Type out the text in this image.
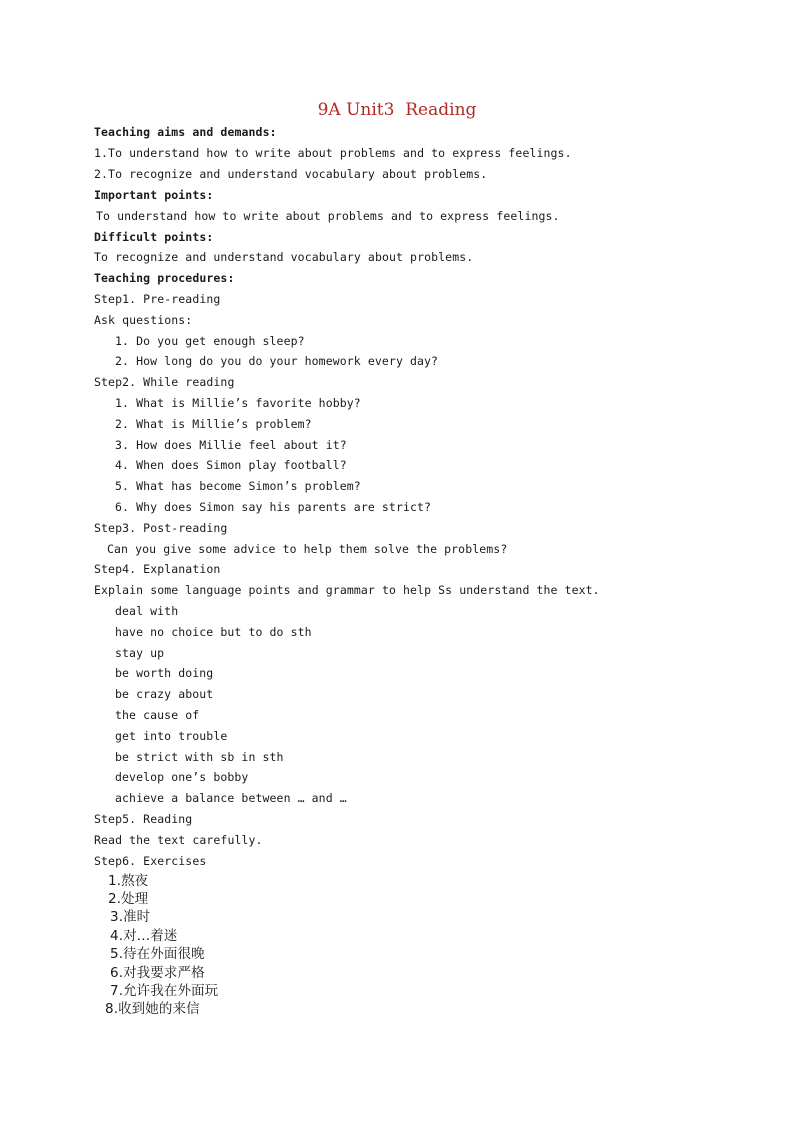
9A Unit3  Reading
Teaching aims and demands:
1.To understand how to write about problems and to express feelings.
2.To recognize and understand vocabulary about problems.
Important points:
To understand how to write about problems and to express feelings.
Difficult points:
To recognize and understand vocabulary about problems.
Teaching procedures:
Step1. Pre-reading
Ask questions:
1. Do you get enough sleep?
2. How long do you do your homework every day?
Step2. While reading
1. What is Millie’s favorite hobby?
2. What is Millie’s problem?
3. How does Millie feel about it?
4. When does Simon play football?
5. What has become Simon’s problem?
6. Why does Simon say his parents are strict?
Step3. Post-reading
Can you give some advice to help them solve the problems?
Step4. Explanation
Explain some language points and grammar to help Ss understand the text.
deal with
have no choice but to do sth
stay up
be worth doing
be crazy about
the cause of
get into trouble
be strict with sb in sth
develop one’s bobby
achieve a balance between … and …
Step5. Reading
Read the text carefully.
Step6. Exercises
1.熬夜
2.处理
3.准时
4.对…着迷
5.待在外面很晚
6.对我要求严格
7.允许我在外面玩
8.收到她的来信
